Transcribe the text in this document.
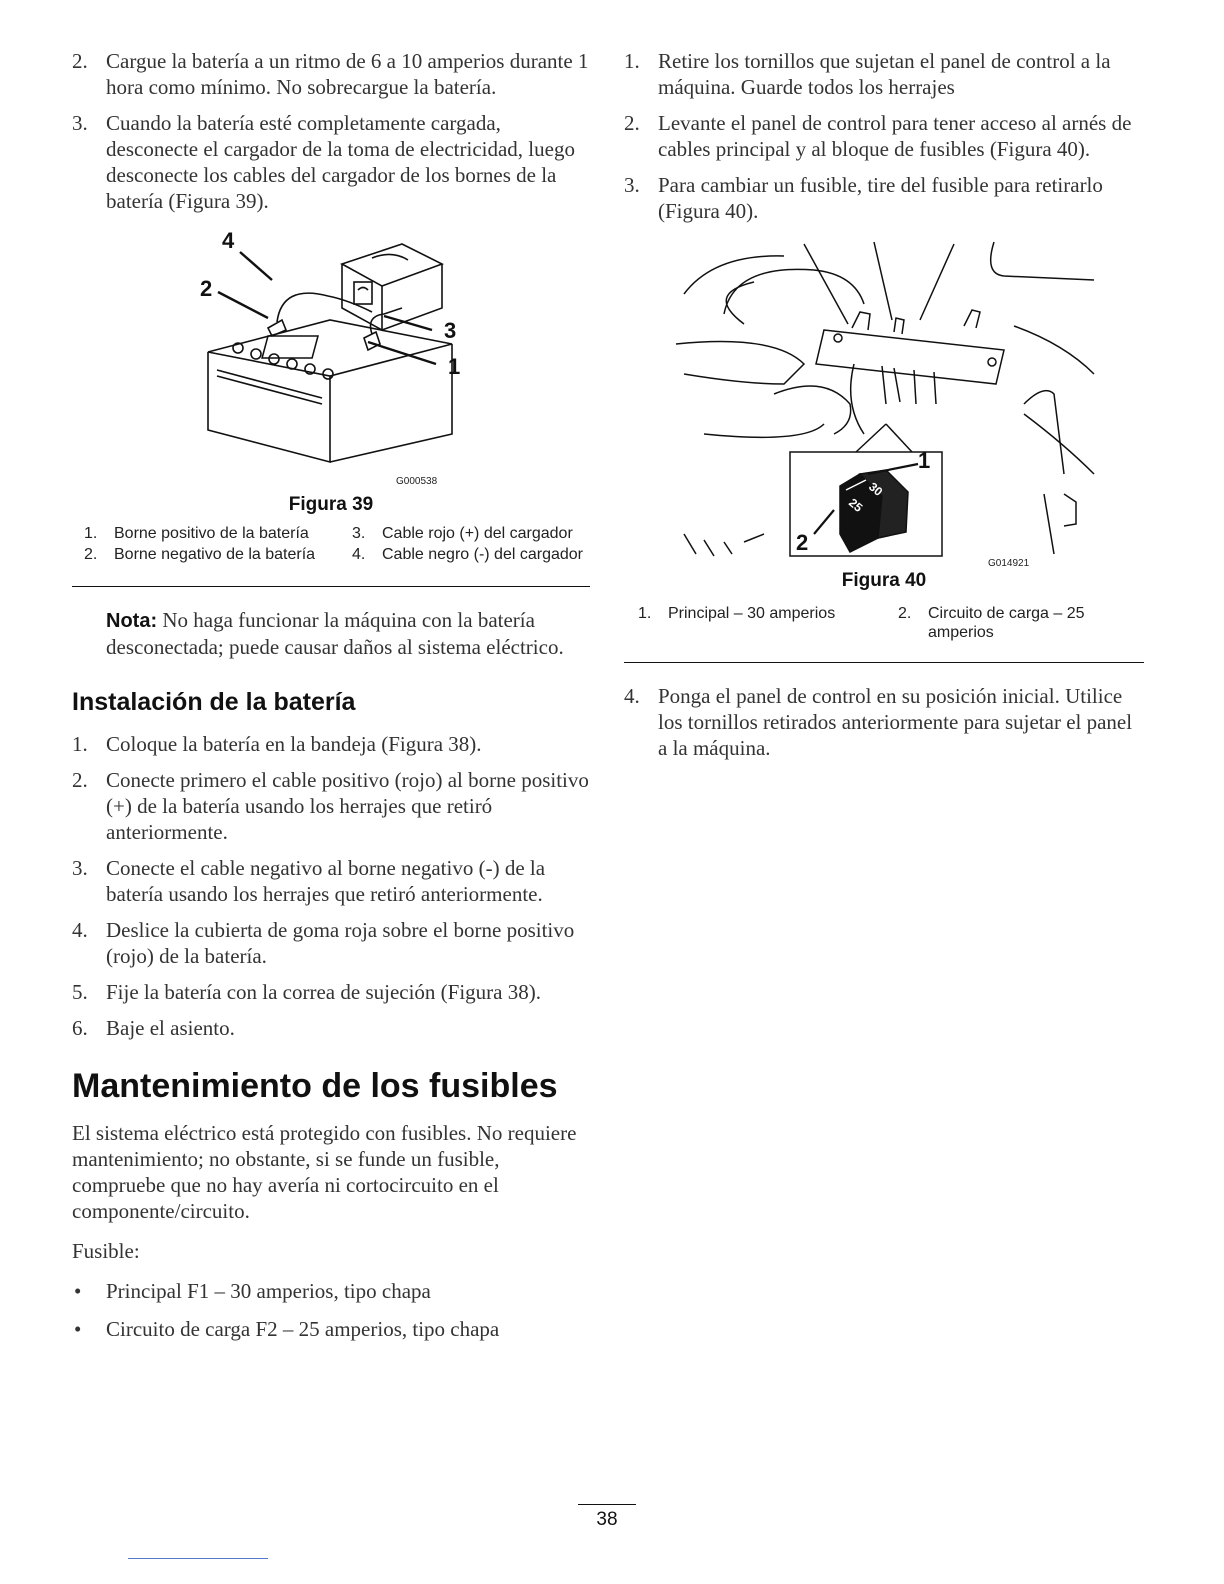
2. Cargue la batería a un ritmo de 6 a 10 amperios durante 1 hora como mínimo. No sobrecargue la batería.
3. Cuando la batería esté completamente cargada, desconecte el cargador de la toma de electricidad, luego desconecte los cables del cargador de los bornes de la batería (Figura 39).
4
2
3
1
G000538
Figura 39
1. Borne positivo de la batería	3. Cable rojo (+) del cargador
2. Borne negativo de la batería	4. Cable negro (-) del cargador
Nota: No haga funcionar la máquina con la batería desconectada; puede causar daños al sistema eléctrico.
Instalación de la batería
1. Coloque la batería en la bandeja (Figura 38).
2. Conecte primero el cable positivo (rojo) al borne positivo (+) de la batería usando los herrajes que retiró anteriormente.
3. Conecte el cable negativo al borne negativo (-) de la batería usando los herrajes que retiró anteriormente.
4. Deslice la cubierta de goma roja sobre el borne positivo (rojo) de la batería.
5. Fije la batería con la correa de sujeción (Figura 38).
6. Baje el asiento.
Mantenimiento de los fusibles

El sistema eléctrico está protegido con fusibles. No requiere mantenimiento; no obstante, si se funde un fusible, compruebe que no hay avería ni cortocircuito en el componente/circuito.

Fusible:

• Principal F1 – 30 amperios, tipo chapa
• Circuito de carga F2 – 25 amperios, tipo chapa
1. Retire los tornillos que sujetan el panel de control a la máquina. Guarde todos los herrajes
2. Levante el panel de control para tener acceso al arnés de cables principal y al bloque de fusibles (Figura 40).
3. Para cambiar un fusible, tire del fusible para retirarlo (Figura 40).
30
25
1
2
G014921
Figura 40
1. Principal – 30 amperios	2. Circuito de carga – 25 amperios
4. Ponga el panel de control en su posición inicial. Utilice los tornillos retirados anteriormente para sujetar el panel a la máquina.
38
